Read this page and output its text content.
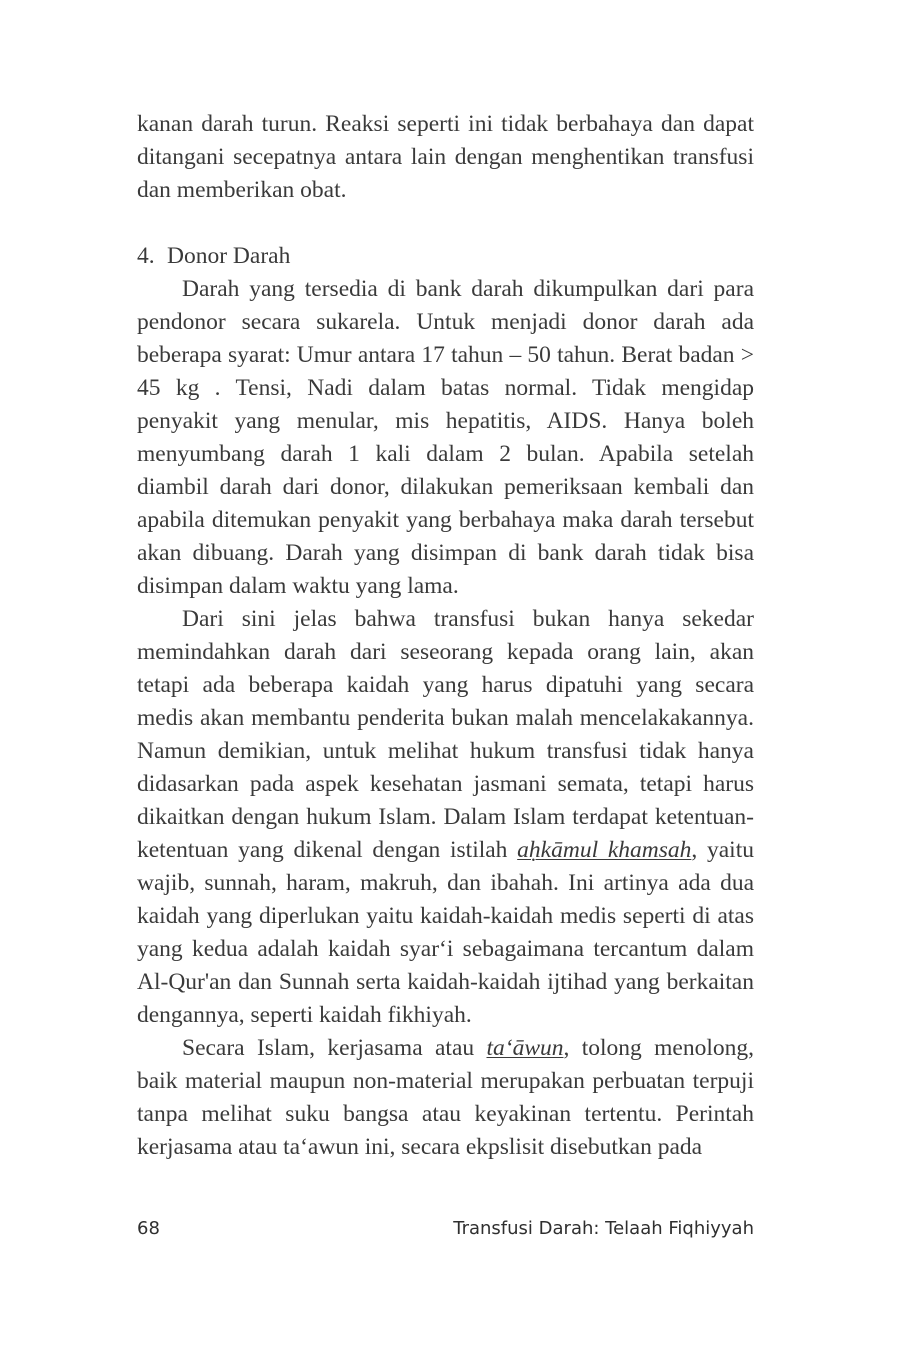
kanan darah turun. Reaksi seperti ini tidak berbahaya dan dapat ditangani secepatnya antara lain dengan menghentikan transfusi dan memberikan obat.

4. Donor Darah

Darah yang tersedia di bank darah dikumpulkan dari para pendonor secara sukarela. Untuk menjadi donor darah ada beberapa syarat: Umur antara 17 tahun – 50 tahun. Berat badan > 45 kg . Tensi, Nadi dalam batas normal. Tidak mengidap penyakit yang menular, mis hepatitis, AIDS. Hanya boleh menyumbang darah 1 kali dalam 2 bulan. Apabila setelah diambil darah dari donor, dilakukan pemeriksaan kembali dan apabila ditemukan penyakit yang berbahaya maka darah tersebut akan dibuang. Darah yang disimpan di bank darah tidak bisa disimpan dalam waktu yang lama.

Dari sini jelas bahwa transfusi bukan hanya sekedar memindahkan darah dari seseorang kepada orang lain, akan tetapi ada beberapa kaidah yang harus dipatuhi yang secara medis akan membantu penderita bukan malah mencelakakannya. Namun demikian, untuk melihat hukum transfusi tidak hanya didasarkan pada aspek kesehatan jasmani semata, tetapi harus dikaitkan dengan hukum Islam. Dalam Islam terdapat ketentuan-ketentuan yang dikenal dengan istilah aḥkāmul khamsah, yaitu wajib, sunnah, haram, makruh, dan ibahah. Ini artinya ada dua kaidah yang diperlukan yaitu kaidah-kaidah medis seperti di atas yang kedua adalah kaidah syar‘i sebagaimana tercantum dalam Al-Qur'an dan Sunnah serta kaidah-kaidah ijtihad yang berkaitan dengannya, seperti kaidah fikhiyah.

Secara Islam, kerjasama atau ta‘āwun, tolong menolong, baik material maupun non-material merupakan perbuatan terpuji tanpa melihat suku bangsa atau keyakinan tertentu. Perintah kerjasama atau ta‘awun ini, secara ekpslisit disebutkan pada

68	Transfusi Darah: Telaah Fiqhiyyah
